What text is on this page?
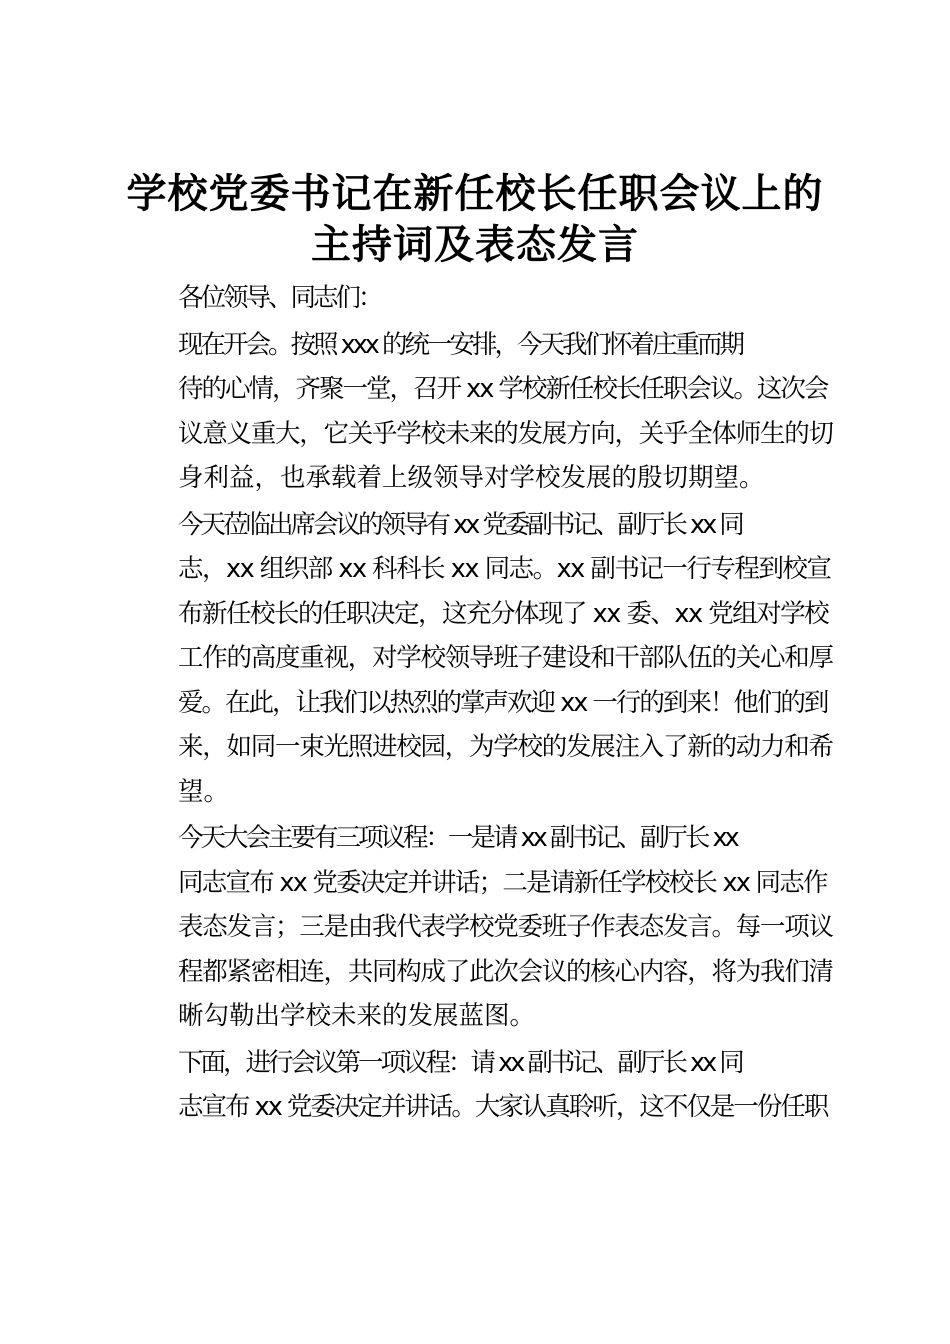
学校党委书记在新任校长任职会议上的
主持词及表态发言

各位领导、同志们：

现在开会。按照 xxx 的统一安排，今天我们怀着庄重而期
待的心情，齐聚一堂，召开 xx 学校新任校长任职会议。这次会
议意义重大，它关乎学校未来的发展方向，关乎全体师生的切
身利益，也承载着上级领导对学校发展的殷切期望。

今天莅临出席会议的领导有 xx 党委副书记、副厅长 xx 同
志，xx 组织部 xx 科科长 xx 同志。xx 副书记一行专程到校宣
布新任校长的任职决定，这充分体现了 xx 委、xx 党组对学校
工作的高度重视，对学校领导班子建设和干部队伍的关心和厚
爱。在此，让我们以热烈的掌声欢迎 xx 一行的到来！他们的到
来，如同一束光照进校园，为学校的发展注入了新的动力和希
望。

今天大会主要有三项议程：一是请 xx 副书记、副厅长 xx
同志宣布 xx 党委决定并讲话；二是请新任学校校长 xx 同志作
表态发言；三是由我代表学校党委班子作表态发言。每一项议
程都紧密相连，共同构成了此次会议的核心内容，将为我们清
晰勾勒出学校未来的发展蓝图。

下面，进行会议第一项议程：请 xx 副书记、副厅长 xx 同
志宣布 xx 党委决定并讲话。大家认真聆听，这不仅是一份任职
